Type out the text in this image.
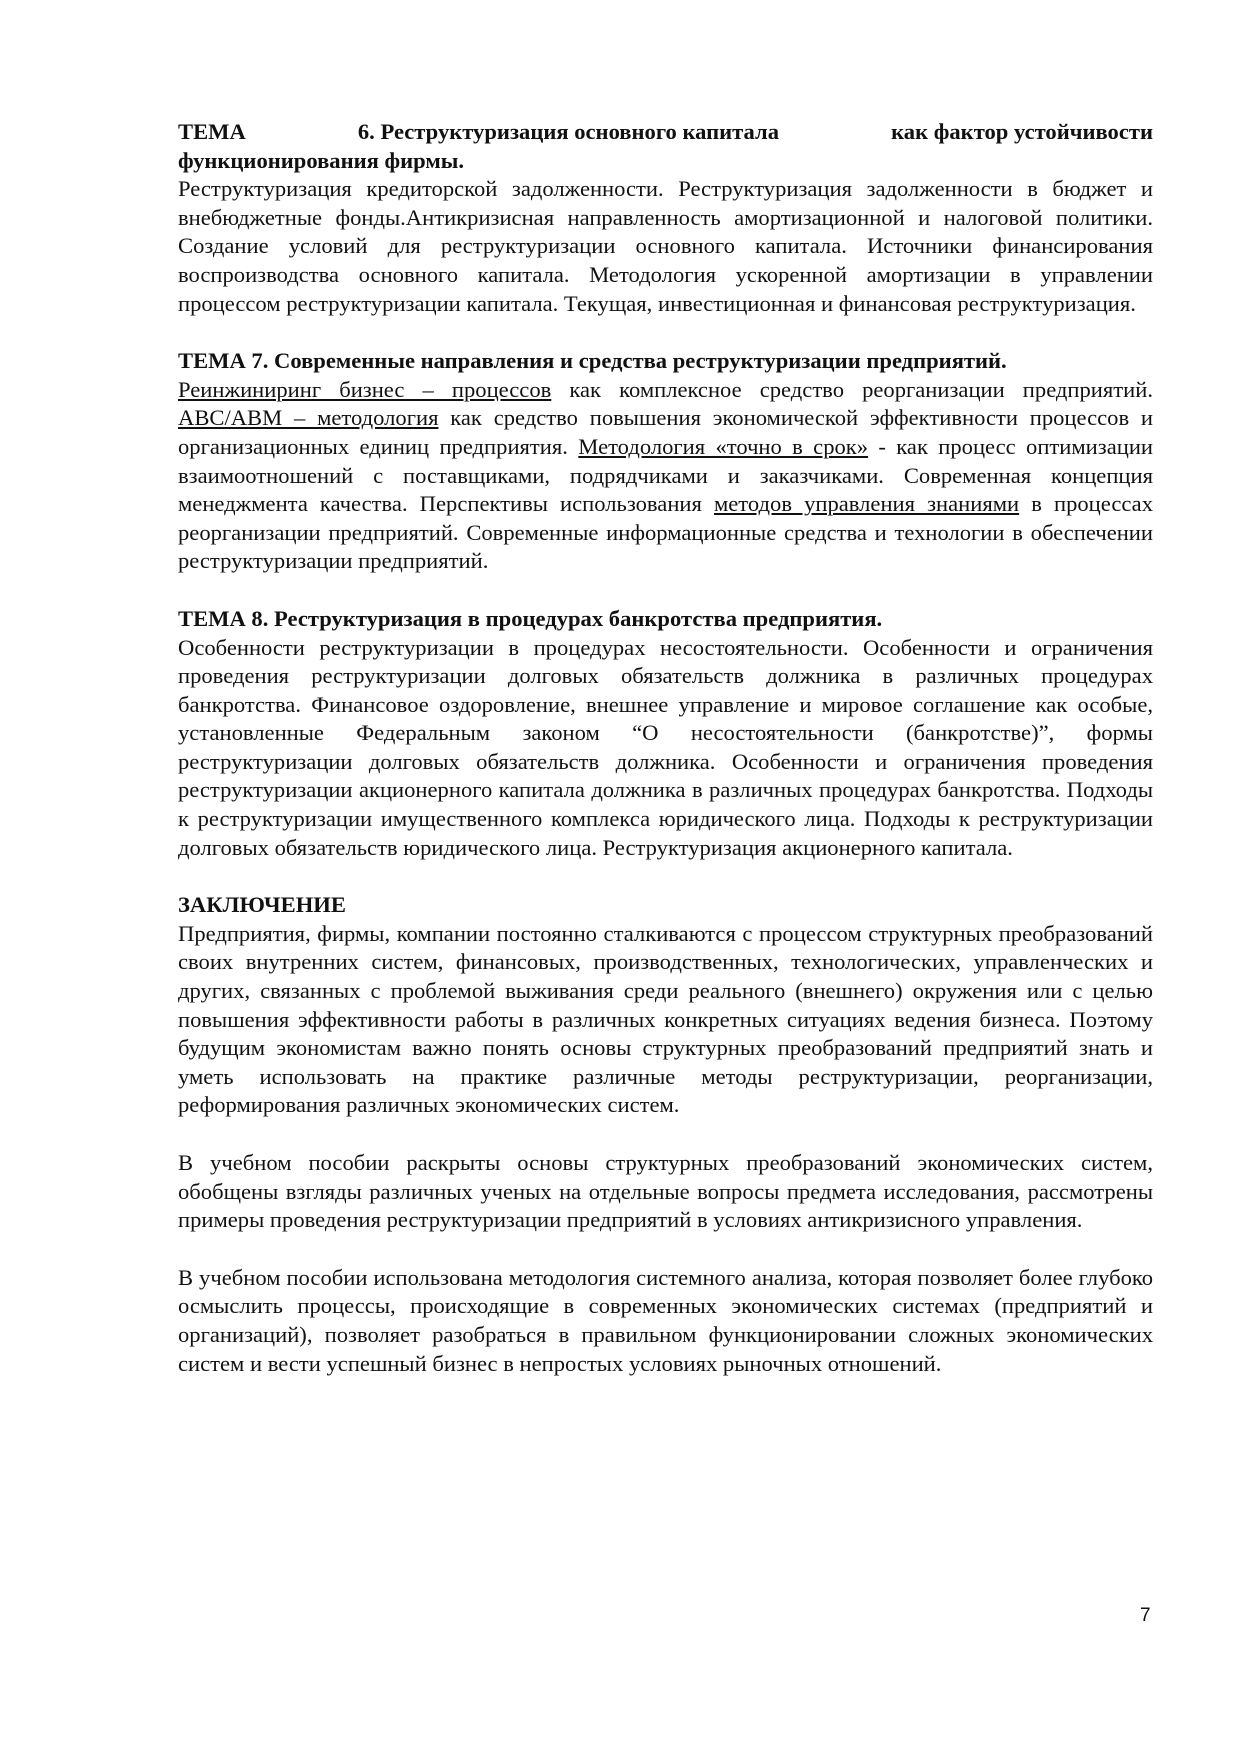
ТЕМА	6. Реструктуризация основного капитала	как фактор устойчивости
функционирования фирмы.

Реструктуризация кредиторской задолженности. Реструктуризация задолженности в бюджет и внебюджетные фонды.Антикризисная направленность амортизационной и налоговой политики. Создание условий для реструктуризации основного капитала. Источники финансирования воспроизводства основного капитала. Методология ускоренной амортизации в управлении процессом реструктуризации капитала. Текущая, инвестиционная и финансовая реструктуризация.

ТЕМА 7. Современные направления и средства реструктуризации предприятий.

Реинжиниринг бизнес – процессов как комплексное средство реорганизации предприятий. ABC/ABM – методология как средство повышения экономической эффективности процессов и организационных единиц предприятия. Методология «точно в срок» - как процесс оптимизации взаимоотношений с поставщиками, подрядчиками и заказчиками. Современная концепция менеджмента качества. Перспективы использования методов управления знаниями в процессах реорганизации предприятий. Современные информационные средства и технологии в обеспечении реструктуризации предприятий.

ТЕМА 8. Реструктуризация в процедурах банкротства предприятия.

Особенности реструктуризации в процедурах несостоятельности. Особенности и ограничения проведения реструктуризации долговых обязательств должника в различных процедурах банкротства. Финансовое оздоровление, внешнее управление и мировое соглашение как особые, установленные Федеральным законом “О несостоятельности (банкротстве)”, формы реструктуризации долговых обязательств должника. Особенности и ограничения проведения реструктуризации акционерного капитала должника в различных процедурах банкротства. Подходы к реструктуризации имущественного комплекса юридического лица. Подходы к реструктуризации долговых обязательств юридического лица. Реструктуризация акционерного капитала.

ЗАКЛЮЧЕНИЕ

Предприятия, фирмы, компании постоянно сталкиваются с процессом структурных преобразований своих внутренних систем, финансовых, производственных, технологических, управленческих и других, связанных с проблемой выживания среди реального (внешнего) окружения или с целью повышения эффективности работы в различных конкретных ситуациях ведения бизнеса. Поэтому будущим экономистам важно понять основы структурных преобразований предприятий знать и уметь использовать на практике различные методы реструктуризации, реорганизации, реформирования различных экономических систем.

В учебном пособии раскрыты основы структурных преобразований экономических систем, обобщены взгляды различных ученых на отдельные вопросы предмета исследования, рассмотрены примеры проведения реструктуризации предприятий в условиях антикризисного управления.

В учебном пособии использована методология системного анализа, которая позволяет более глубоко осмыслить процессы, происходящие в современных экономических системах (предприятий и организаций), позволяет разобраться в правильном функционировании сложных экономических систем и вести успешный бизнес в непростых условиях рыночных отношений.

7
